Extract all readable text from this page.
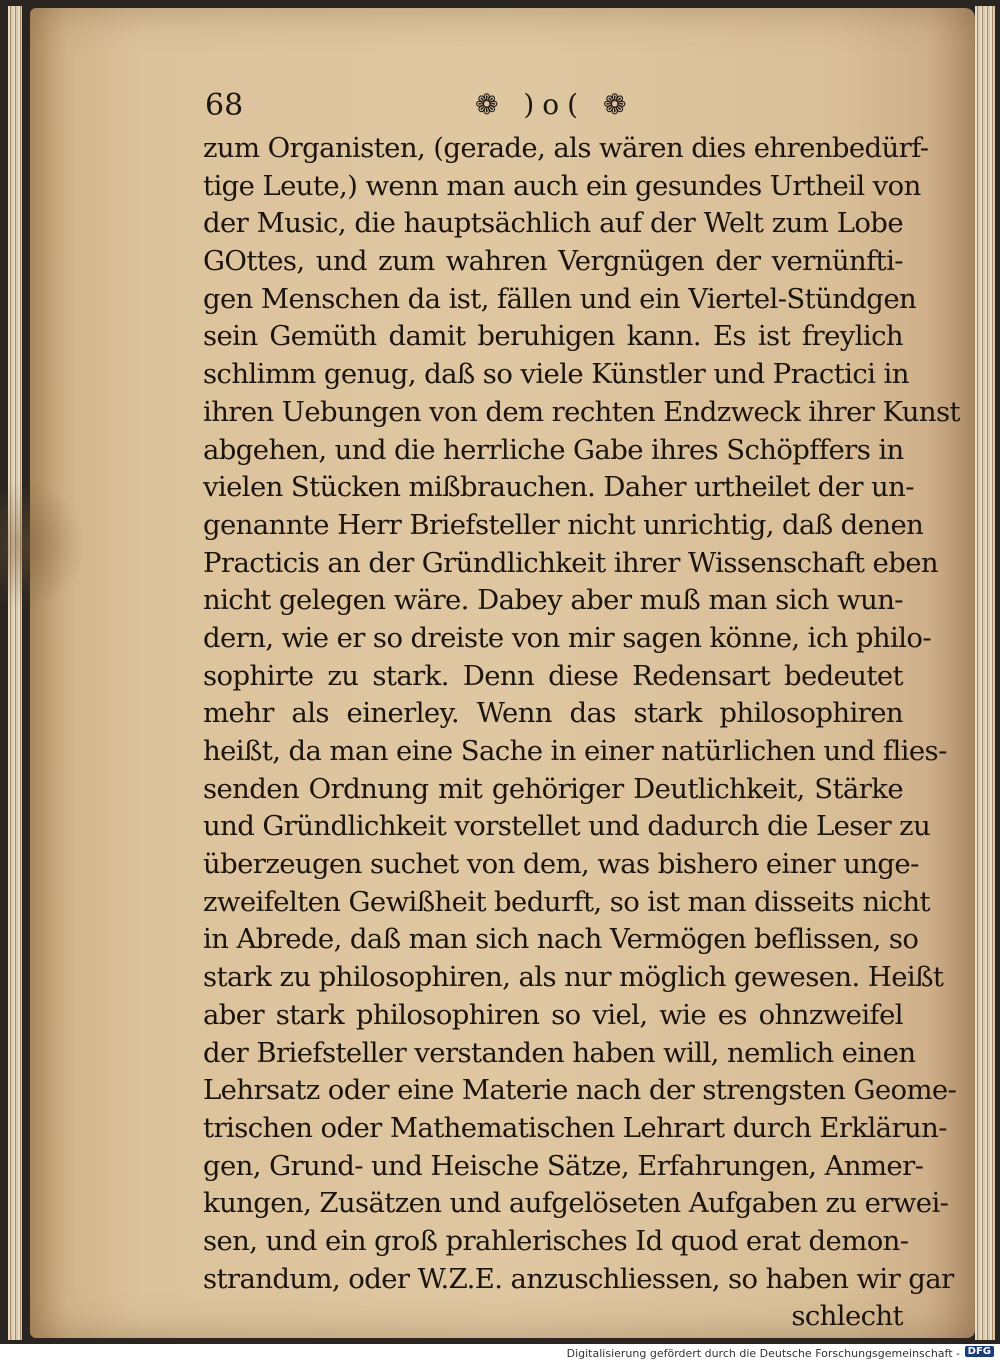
68	❁ )o( ❁
zum Organisten, (gerade, als wären dies ehrenbedürf-
tige Leute,) wenn man auch ein gesundes Urtheil von
der Music, die hauptsächlich auf der Welt zum Lobe
GOttes, und zum wahren Vergnügen der vernünfti-
gen Menschen da ist, fällen und ein Viertel-Stündgen
sein Gemüth damit beruhigen kann. Es ist freylich
schlimm genug, daß so viele Künstler und Practici in
ihren Uebungen von dem rechten Endzweck ihrer Kunst
abgehen, und die herrliche Gabe ihres Schöpffers in
vielen Stücken mißbrauchen. Daher urtheilet der un-
genannte Herr Briefsteller nicht unrichtig, daß denen
Practicis an der Gründlichkeit ihrer Wissenschaft eben
nicht gelegen wäre. Dabey aber muß man sich wun-
dern, wie er so dreiste von mir sagen könne, ich philo-
sophirte zu stark. Denn diese Redensart bedeutet
mehr als einerley. Wenn das stark philosophiren
heißt, da man eine Sache in einer natürlichen und flies-
senden Ordnung mit gehöriger Deutlichkeit, Stärke
und Gründlichkeit vorstellet und dadurch die Leser zu
überzeugen suchet von dem, was bishero einer unge-
zweifelten Gewißheit bedurft, so ist man disseits nicht
in Abrede, daß man sich nach Vermögen beflissen, so
stark zu philosophiren, als nur möglich gewesen. Heißt
aber stark philosophiren so viel, wie es ohnzweifel
der Briefsteller verstanden haben will, nemlich einen
Lehrsatz oder eine Materie nach der strengsten Geome-
trischen oder Mathematischen Lehrart durch Erklärun-
gen, Grund- und Heische Sätze, Erfahrungen, Anmer-
kungen, Zusätzen und aufgelöseten Aufgaben zu erwei-
sen, und ein groß prahlerisches Id quod erat demon-
strandum, oder W.Z.E. anzuschliessen, so haben wir gar
schlecht
Digitalisierung gefördert durch die Deutsche Forschungsgemeinschaft - DFG
